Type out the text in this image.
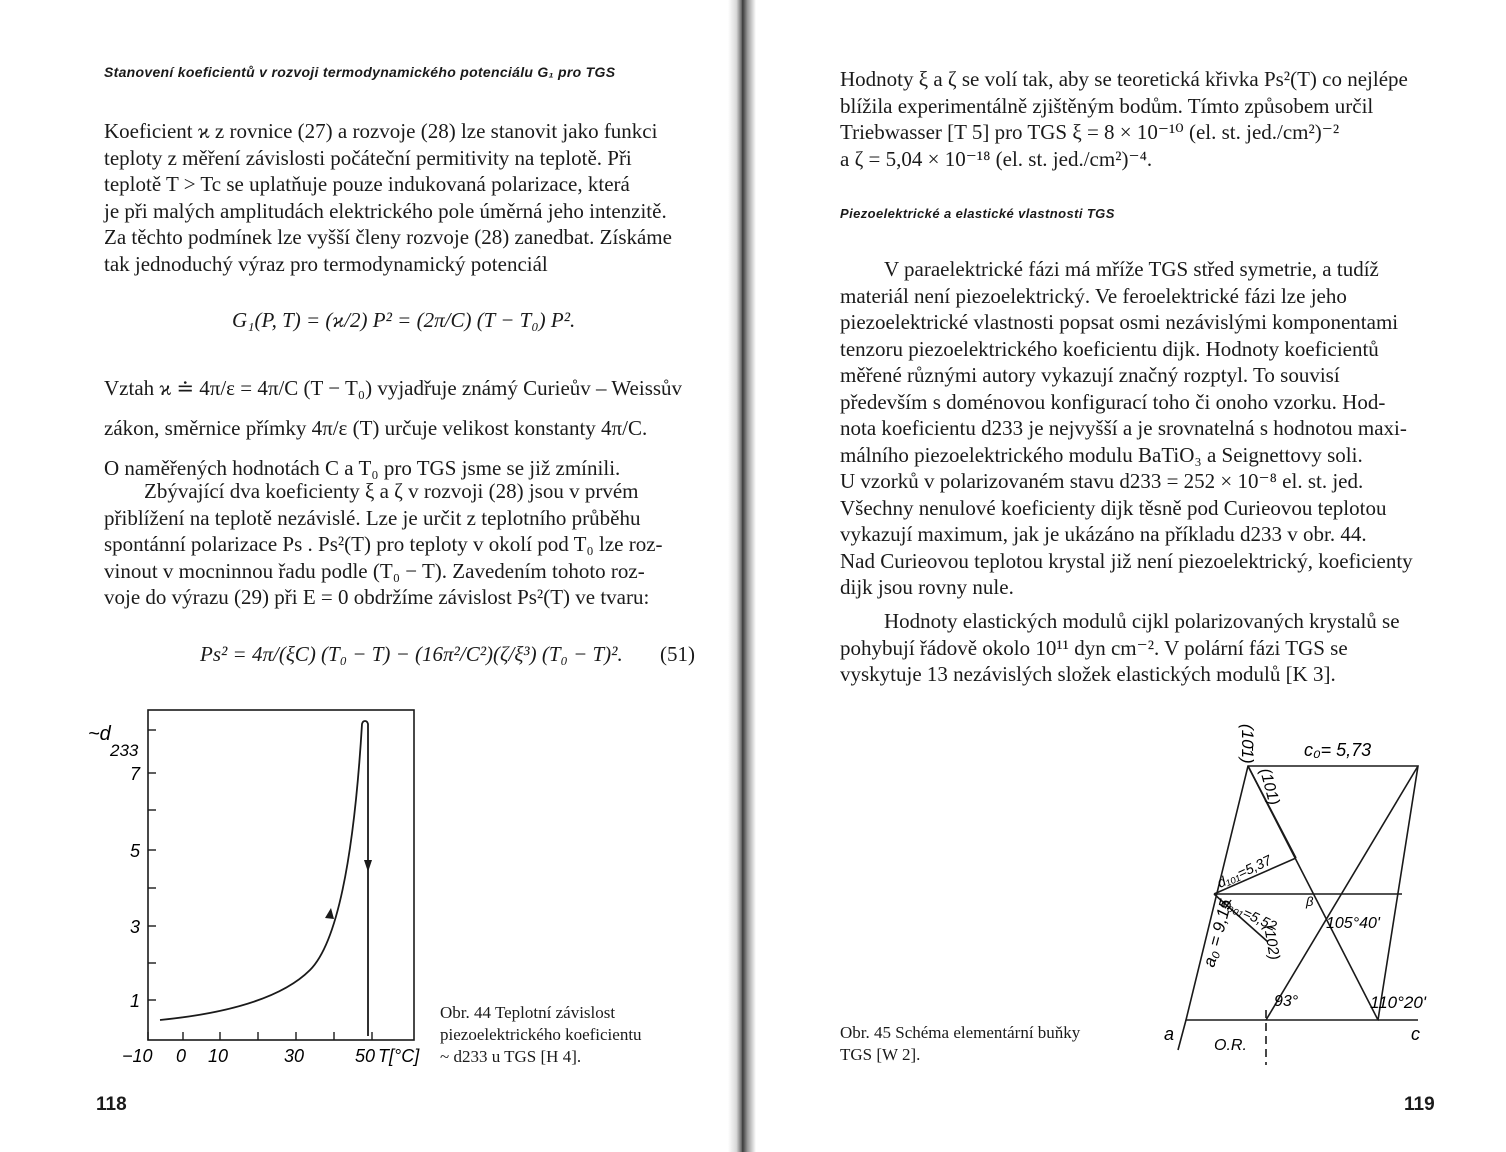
Stanovení koeficientů v rozvoji termodynamického potenciálu G₁ pro TGS

Koeficient ϰ z rovnice (27) a rozvoje (28) lze stanovit jako funkci
teploty z měření závislosti počáteční permitivity na teplotě. Při
teplotě T > Tc se uplatňuje pouze indukovaná polarizace, která
je při malých amplitudách elektrického pole úměrná jeho intenzitě.
Za těchto podmínek lze vyšší členy rozvoje (28) zanedbat. Získáme
tak jednoduchý výraz pro termodynamický potenciál

G₁(P, T) = (ϰ/2) P² = (2π/C) (T − T₀) P².

Vztah ϰ ≐ 4π/ε = 4π/C (T − T₀) vyjadřuje známý Curieův – Weissův
zákon, směrnice přímky 4π/ε (T) určuje velikost konstanty 4π/C.
O naměřených hodnotách C a T₀ pro TGS jsme se již zmínili.

Zbývající dva koeficienty ξ a ζ v rozvoji (28) jsou v prvém
přiblížení na teplotě nezávislé. Lze je určit z teplotního průběhu
spontánní polarizace Ps . Ps²(T) pro teploty v okolí pod T₀ lze roz-
vinout v mocninnou řadu podle (T₀ − T). Zavedením tohoto roz-
voje do výrazu (29) při E = 0 obdržíme závislost Ps²(T) ve tvaru:

Ps² = 4π/(ξC) (T₀ − T) − (16π²/C²)(ζ/ξ³) (T₀ − T)². (51)
~d
233
7
5
3
1
−10 0 10	30	50 T[°C]
Obr. 44 Teplotní závislost
piezoelektrického koeficientu
~ d233 u TGS [H 4].
118

Hodnoty ξ a ζ se volí tak, aby se teoretická křivka Ps²(T) co nejlépe
blížila experimentálně zjištěným bodům. Tímto způsobem určil
Triebwasser [T 5] pro TGS ξ = 8 × 10⁻¹⁰ (el. st. jed./cm²)⁻²
a ζ = 5,04 × 10⁻¹⁸ (el. st. jed./cm²)⁻⁴.

Piezoelektrické a elastické vlastnosti TGS

V paraelektrické fázi má mříže TGS střed symetrie, a tudíž
materiál není piezoelektrický. Ve feroelektrické fázi lze jeho
piezoelektrické vlastnosti popsat osmi nezávislými komponentami
tenzoru piezoelektrického koeficientu dijk. Hodnoty koeficientů
měřené různými autory vykazují značný rozptyl. To souvisí
především s doménovou konfigurací toho či onoho vzorku. Hod-
nota koeficientu d233 je nejvyšší a je srovnatelná s hodnotou maxi-
málního piezoelektrického modulu BaTiO₃ a Seignettovy soli.
U vzorků v polarizovaném stavu d233 = 252 × 10⁻⁸ el. st. jed.
Všechny nenulové koeficienty dijk těsně pod Curieovou teplotou
vykazují maximum, jak je ukázáno na příkladu d233 v obr. 44.
Nad Curieovou teplotou krystal již není piezoelektrický, koeficienty
dijk jsou rovny nule.

Hodnoty elastických modulů cijkl polarizovaných krystalů se
pohybují řádově okolo 10¹¹ dyn cm⁻². V polární fázi TGS se
vyskytuje 13 nezávislých složek elastických modulů [K 3].

(10̄1)
(101)
c₀= 5,73
a₀ = 9,15
d₁₀₁=5,37
d₀₀₁=5,52
(102)
β
105°40'
93°	110°20'
a	c
O.R.
Obr. 45 Schéma elementární buňky
TGS [W 2].
119
